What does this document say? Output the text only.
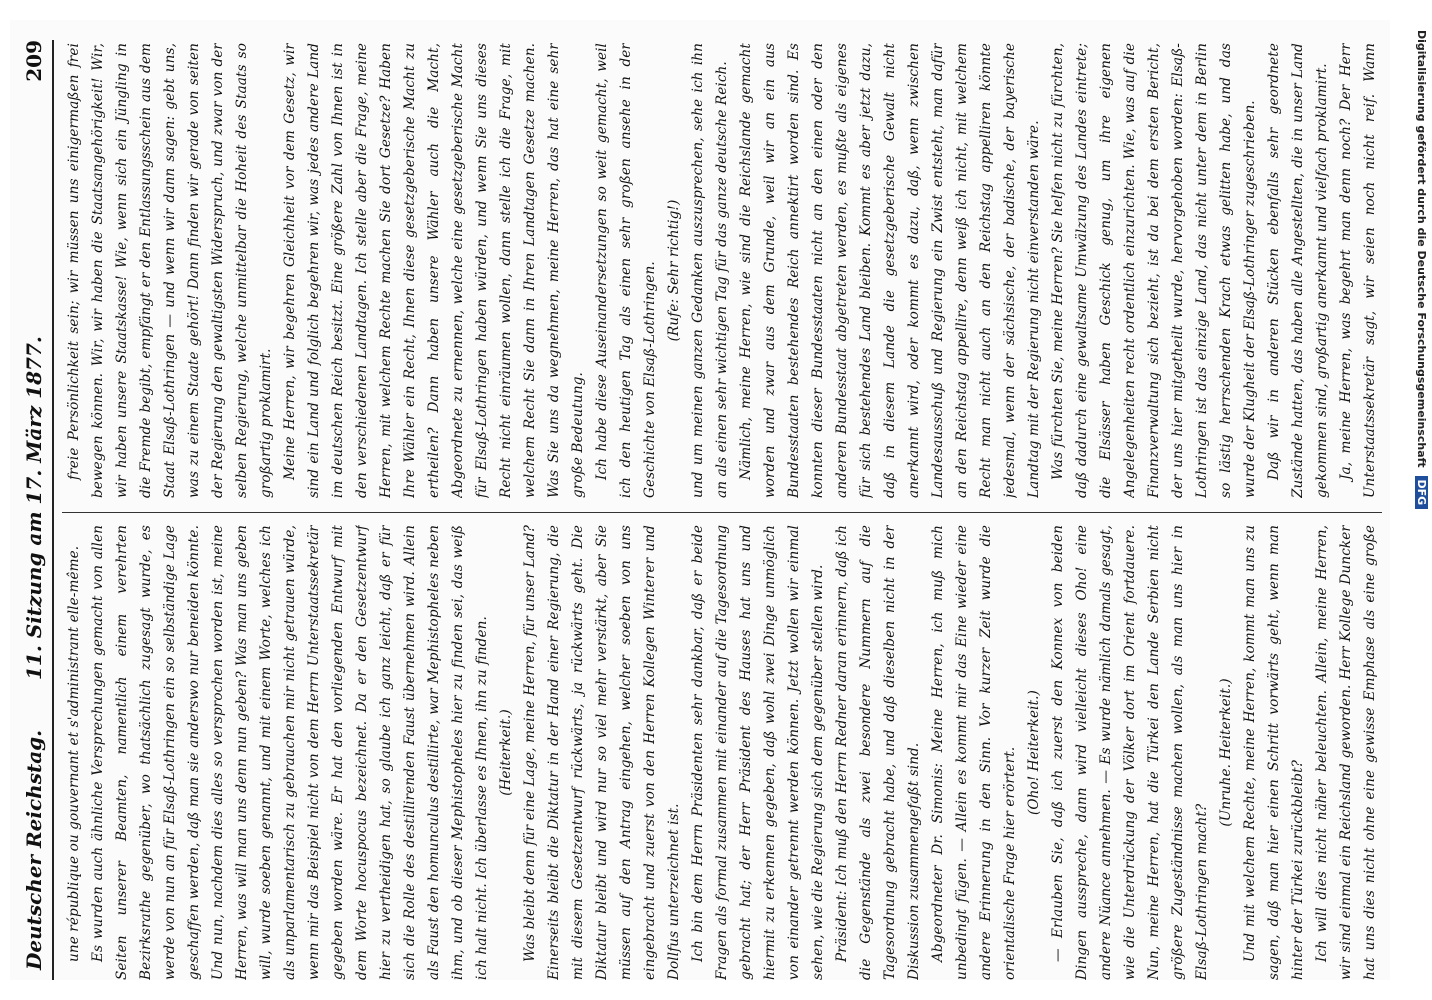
Deutscher Reichstag.
11. Sitzung am 17. März 1877.
209

une république ou gouvernant et s'administrant elle-même. Es wurden auch ähnliche Versprechungen gemacht von allen Seiten unserer Beamten, namentlich einem verehrten Bezirksrathe gegenüber, wo thatsächlich zugesagt wurde, es werde von nun an für Elsaß-Lothringen ein so selbständige Lage geschaffen werden, daß man sie anderswo nur beneiden könnte. Und nun, nachdem dies alles so versprochen worden ist, meine Herren, was will man uns denn nun geben? Was man uns geben will, wurde soeben genannt, und mit einem Worte, welches ich als unparlamentarisch zu gebrauchen mir nicht getrauen würde, wenn mir das Beispiel nicht von dem Herrn Unterstaatssekretär gegeben worden wäre. Er hat den vorliegenden Entwurf mit dem Worte hocuspocus bezeichnet. Da er den Gesetzentwurf hier zu vertheidigen hat, so glaube ich ganz leicht, daß er für sich die Rolle des destillirenden Faust übernehmen wird. Allein als Faust den homunculus destillirte, war Mephistopheles neben ihm, und ob dieser Mephistopheles hier zu finden sei, das weiß ich halt nicht. Ich überlasse es Ihnen, ihn zu finden. (Heiterkeit.) Was bleibt denn für eine Lage, meine Herren, für unser Land? Einerseits bleibt die Diktatur in der Hand einer Regierung, die mit diesem Gesetzentwurf rückwärts, ja rückwärts geht. Die Diktatur bleibt und wird nur so viel mehr verstärkt, aber Sie müssen auf den Antrag eingehen, welcher soeben von uns eingebracht und zuerst von den Herren Kollegen Winterer und Dollfus unterzeichnet ist. Ich bin dem Herrn Präsidenten sehr dankbar, daß er beide Fragen als formal zusammen mit einander auf die Tagesordnung gebracht hat; der Herr Präsident des Hauses hat uns und hiermit zu erkennen gegeben, daß wohl zwei Dinge unmöglich von einander getrennt werden können. Jetzt wollen wir einmal sehen, wie die Regierung sich dem gegenüber stellen wird. Präsident: Ich muß den Herrn Redner daran erinnern, daß ich die Gegenstände als zwei besondere Nummern auf die Tagesordnung gebracht habe, und daß dieselben nicht in der Diskussion zusammengefaßt sind. Abgeordneter Dr. Simonis: Meine Herren, ich muß mich unbedingt fügen. — Allein es kommt mir das Eine wieder eine andere Erinnerung in den Sinn. Vor kurzer Zeit wurde die orientalische Frage hier erörtert. (Oho! Heiterkeit.) — Erlauben Sie, daß ich zuerst den Konnex von beiden Dingen ausspreche, dann wird vielleicht dieses Oho! eine andere Nüance annehmen. — Es wurde nämlich damals gesagt, wie die Unterdrückung der Völker dort im Orient fortdauere. Nun, meine Herren, hat die Türkei den Lande Serbien nicht größere Zugeständnisse machen wollen, als man uns hier in Elsaß-Lothringen macht?

(Unruhe. Heiterkeit.) Und mit welchem Rechte, meine Herren, kommt man uns zu sagen, daß man hier einen Schritt vorwärts geht, wenn man hinter der Türkei zurückbleibt? Ich will dies nicht näher beleuchten. Allein, meine Herren, wir sind einmal ein Reichsland geworden. Herr Kollege Duncker hat uns dies nicht ohne eine gewisse Emphase als eine große

freie Persönlichkeit sein; wir müssen uns einigermaßen frei bewegen können. Wir, wir haben die Staatsangehörigkeit! Wir, wir haben unsere Staatskasse! Wie, wenn sich ein Jüngling in die Fremde begibt, empfängt er den Entlassungsschein aus dem Staat Elsaß-Lothringen — und wenn wir dann sagen: gebt uns, was zu einem Staate gehört! Dann finden wir gerade von seiten der Regierung den gewaltigsten Widerspruch, und zwar von der selben Regierung, welche unmittelbar die Hoheit des Staats so großartig proklamirt. Meine Herren, wir begehren Gleichheit vor dem Gesetz, wir sind ein Land und folglich begehren wir, was jedes andere Land im deutschen Reich besitzt. Eine größere Zahl von Ihnen ist in den verschiedenen Landtagen. Ich stelle aber die Frage, meine Herren, mit welchem Rechte machen Sie dort Gesetze? Haben Ihre Wähler ein Recht, Ihnen diese gesetzgeberische Macht zu ertheilen? Dann haben unsere Wähler auch die Macht, Abgeordnete zu ernennen, welche eine gesetzgeberische Macht für Elsaß-Lothringen haben würden, und wenn Sie uns dieses Recht nicht einräumen wollen, dann stelle ich die Frage, mit welchem Recht Sie dann in Ihren Landtagen Gesetze machen. Was Sie uns da wegnehmen, meine Herren, das hat eine sehr große Bedeutung. Ich habe diese Auseinandersetzungen so weit gemacht, weil ich den heutigen Tag als einen sehr großen ansehe in der Geschichte von Elsaß-Lothringen. (Rufe: Sehr richtig!) und um meinen ganzen Gedanken auszusprechen, sehe ich ihn an als einen sehr wichtigen Tag für das ganze deutsche Reich. Nämlich, meine Herren, wie sind die Reichslande gemacht worden und zwar aus dem Grunde, weil wir an ein aus Bundesstaaten bestehendes Reich annektirt worden sind. Es konnten dieser Bundesstaaten nicht an den einen oder den anderen Bundesstaat abgetreten werden, es mußte als eigenes für sich bestehendes Land bleiben. Kommt es aber jetzt dazu, daß in diesem Lande die gesetzgeberische Gewalt nicht anerkannt wird, oder kommt es dazu, daß, wenn zwischen Landesausschuß und Regierung ein Zwist entsteht, man dafür an den Reichstag appellire, denn weiß ich nicht, mit welchem Recht man nicht auch an den Reichstag appelliren könnte jedesmal, wenn der sächsische, der badische, der bayerische Landtag mit der Regierung nicht einverstanden wäre. Was fürchten Sie, meine Herren? Sie helfen nicht zu fürchten, daß dadurch eine gewaltsame Umwälzung des Landes eintrete; die Elsässer haben Geschick genug, um ihre eigenen Angelegenheiten recht ordentlich einzurichten. Wie, was auf die Finanzverwaltung sich bezieht, ist da bei dem ersten Bericht, der uns hier mitgetheilt wurde, hervorgehoben worden: Elsaß-Lothringen ist das einzige Land, das nicht unter dem in Berlin so lästig herrschenden Krach etwas gelitten habe, und das wurde der Klugheit der Elsaß-Lothringer zugeschrieben. Daß wir in anderen Stücken ebenfalls sehr geordnete Zustände hatten, das haben alle Angestellten, die in unser Land gekommen sind, großartig anerkannt und vielfach proklamirt. Ja, meine Herren, was begehrt man denn noch? Der Herr Unterstaatssekretär sagt, wir seien noch nicht reif. Wann	Digitalisierung gefördert durch die Deutsche Forschungsgemeinschaft DFG
